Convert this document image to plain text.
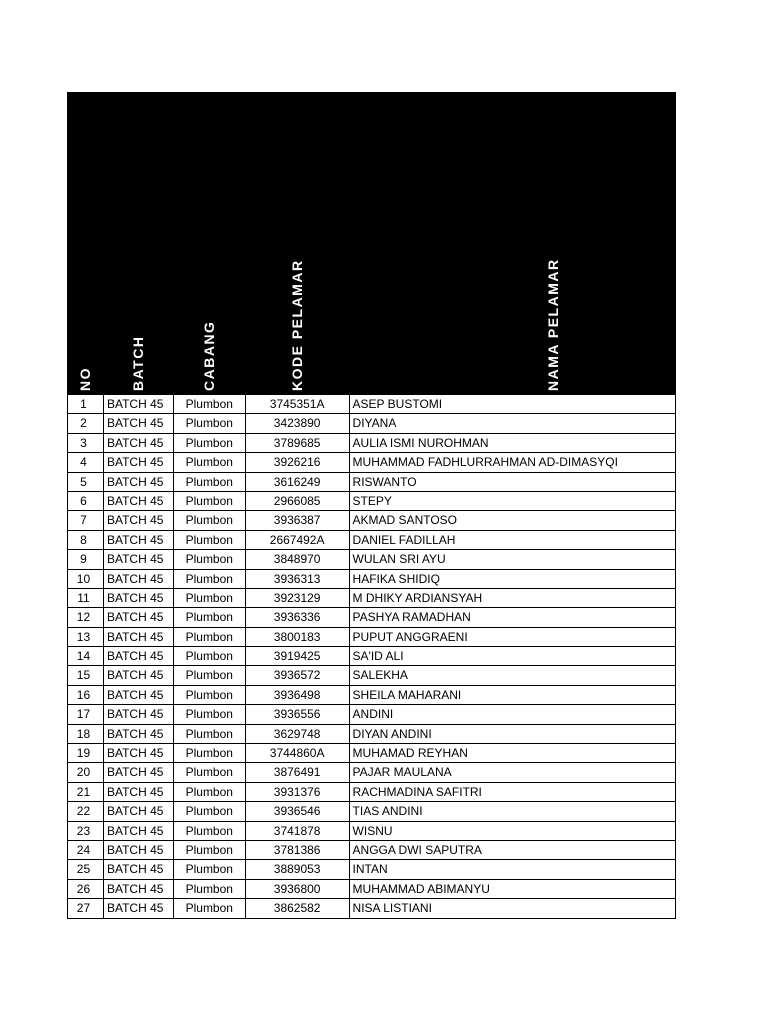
NO	BATCH	CABANG	KODE PELAMAR	NAMA PELAMAR
1	BATCH 45	Plumbon	3745351A	ASEP BUSTOMI
2	BATCH 45	Plumbon	3423890	DIYANA
3	BATCH 45	Plumbon	3789685	AULIA ISMI NUROHMAN
4	BATCH 45	Plumbon	3926216	MUHAMMAD FADHLURRAHMAN AD-DIMASYQI
5	BATCH 45	Plumbon	3616249	RISWANTO
6	BATCH 45	Plumbon	2966085	STEPY
7	BATCH 45	Plumbon	3936387	AKMAD SANTOSO
8	BATCH 45	Plumbon	2667492A	DANIEL FADILLAH
9	BATCH 45	Plumbon	3848970	WULAN SRI AYU
10	BATCH 45	Plumbon	3936313	HAFIKA SHIDIQ
11	BATCH 45	Plumbon	3923129	M DHIKY ARDIANSYAH
12	BATCH 45	Plumbon	3936336	PASHYA RAMADHAN
13	BATCH 45	Plumbon	3800183	PUPUT ANGGRAENI
14	BATCH 45	Plumbon	3919425	SA'ID ALI
15	BATCH 45	Plumbon	3936572	SALEKHA
16	BATCH 45	Plumbon	3936498	SHEILA MAHARANI
17	BATCH 45	Plumbon	3936556	ANDINI
18	BATCH 45	Plumbon	3629748	DIYAN ANDINI
19	BATCH 45	Plumbon	3744860A	MUHAMAD REYHAN
20	BATCH 45	Plumbon	3876491	PAJAR MAULANA
21	BATCH 45	Plumbon	3931376	RACHMADINA SAFITRI
22	BATCH 45	Plumbon	3936546	TIAS ANDINI
23	BATCH 45	Plumbon	3741878	WISNU
24	BATCH 45	Plumbon	3781386	ANGGA DWI SAPUTRA
25	BATCH 45	Plumbon	3889053	INTAN
26	BATCH 45	Plumbon	3936800	MUHAMMAD ABIMANYU
27	BATCH 45	Plumbon	3862582	NISA LISTIANI
